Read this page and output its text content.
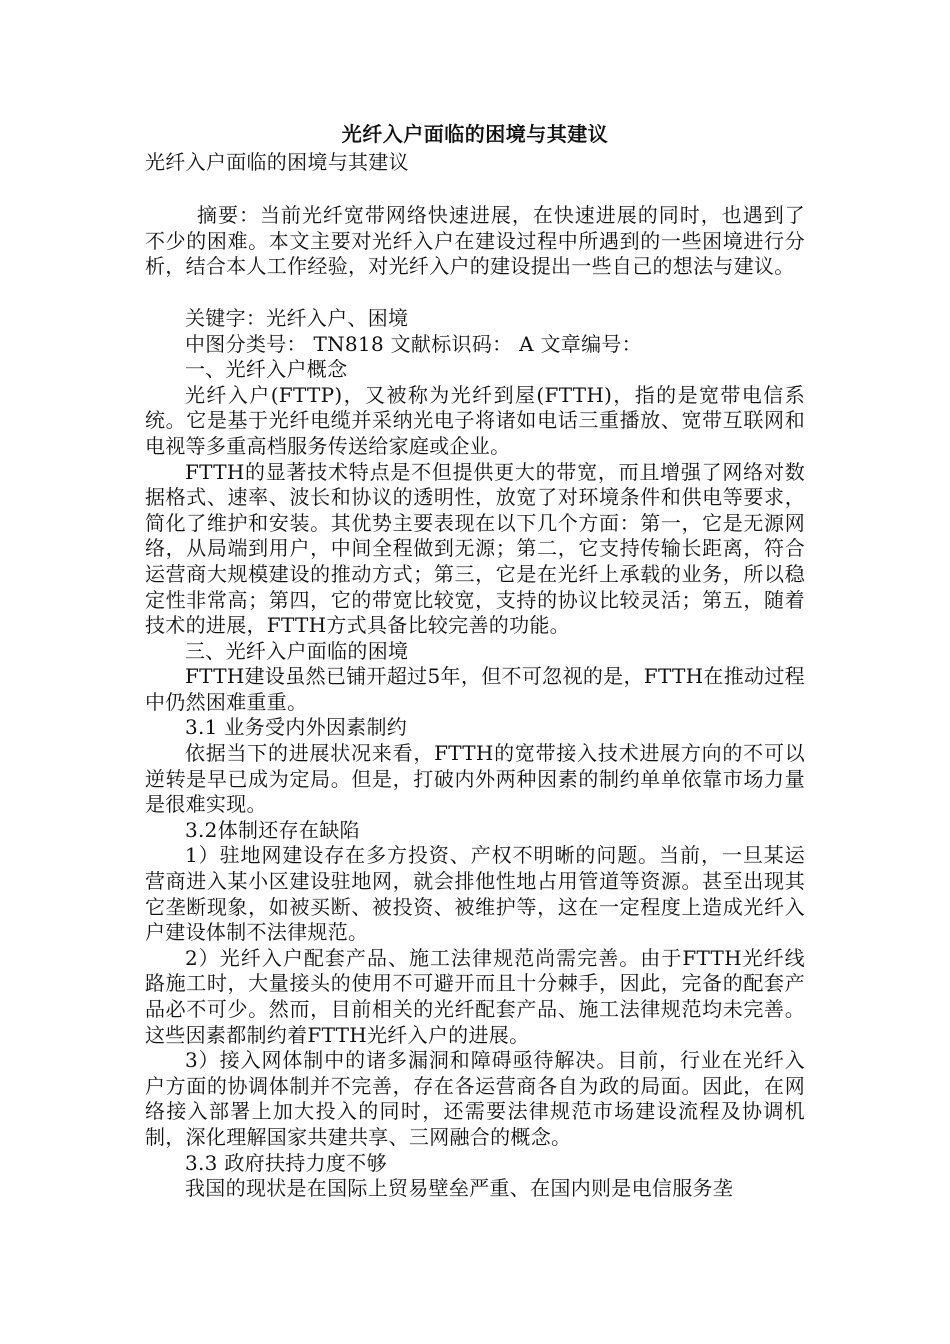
光纤入户面临的困境与其建议

光纤入户面临的困境与其建议

摘要：当前光纤宽带网络快速进展，在快速进展的同时，也遇到了不少的困难。本文主要对光纤入户在建设过程中所遇到的一些困境进行分析，结合本人工作经验，对光纤入户的建设提出一些自己的想法与建议。

关键字：光纤入户、困境

中图分类号： TN818 文献标识码： A 文章编号：

一、光纤入户概念

光纤入户(FTTP)，又被称为光纤到屋(FTTH)，指的是宽带电信系统。它是基于光纤电缆并采纳光电子将诸如电话三重播放、宽带互联网和电视等多重高档服务传送给家庭或企业。

FTTH的显著技术特点是不但提供更大的带宽，而且增强了网络对数据格式、速率、波长和协议的透明性，放宽了对环境条件和供电等要求，简化了维护和安装。其优势主要表现在以下几个方面：第一，它是无源网络，从局端到用户，中间全程做到无源；第二，它支持传输长距离，符合运营商大规模建设的推动方式；第三，它是在光纤上承载的业务，所以稳定性非常高；第四，它的带宽比较宽，支持的协议比较灵活；第五，随着技术的进展，FTTH方式具备比较完善的功能。

三、光纤入户面临的困境

FTTH建设虽然已铺开超过5年，但不可忽视的是，FTTH在推动过程中仍然困难重重。

3.1 业务受内外因素制约

依据当下的进展状况来看，FTTH的宽带接入技术进展方向的不可以逆转是早已成为定局。但是，打破内外两种因素的制约单单依靠市场力量是很难实现。

3.2体制还存在缺陷

1）驻地网建设存在多方投资、产权不明晰的问题。当前，一旦某运营商进入某小区建设驻地网，就会排他性地占用管道等资源。甚至出现其它垄断现象，如被买断、被投资、被维护等，这在一定程度上造成光纤入户建设体制不法律规范。

2）光纤入户配套产品、施工法律规范尚需完善。由于FTTH光纤线路施工时，大量接头的使用不可避开而且十分棘手，因此，完备的配套产品必不可少。然而，目前相关的光纤配套产品、施工法律规范均未完善。这些因素都制约着FTTH光纤入户的进展。

3）接入网体制中的诸多漏洞和障碍亟待解决。目前，行业在光纤入户方面的协调体制并不完善，存在各运营商各自为政的局面。因此，在网络接入部署上加大投入的同时，还需要法律规范市场建设流程及协调机制，深化理解国家共建共享、三网融合的概念。

3.3 政府扶持力度不够

我国的现状是在国际上贸易壁垒严重、在国内则是电信服务垄
